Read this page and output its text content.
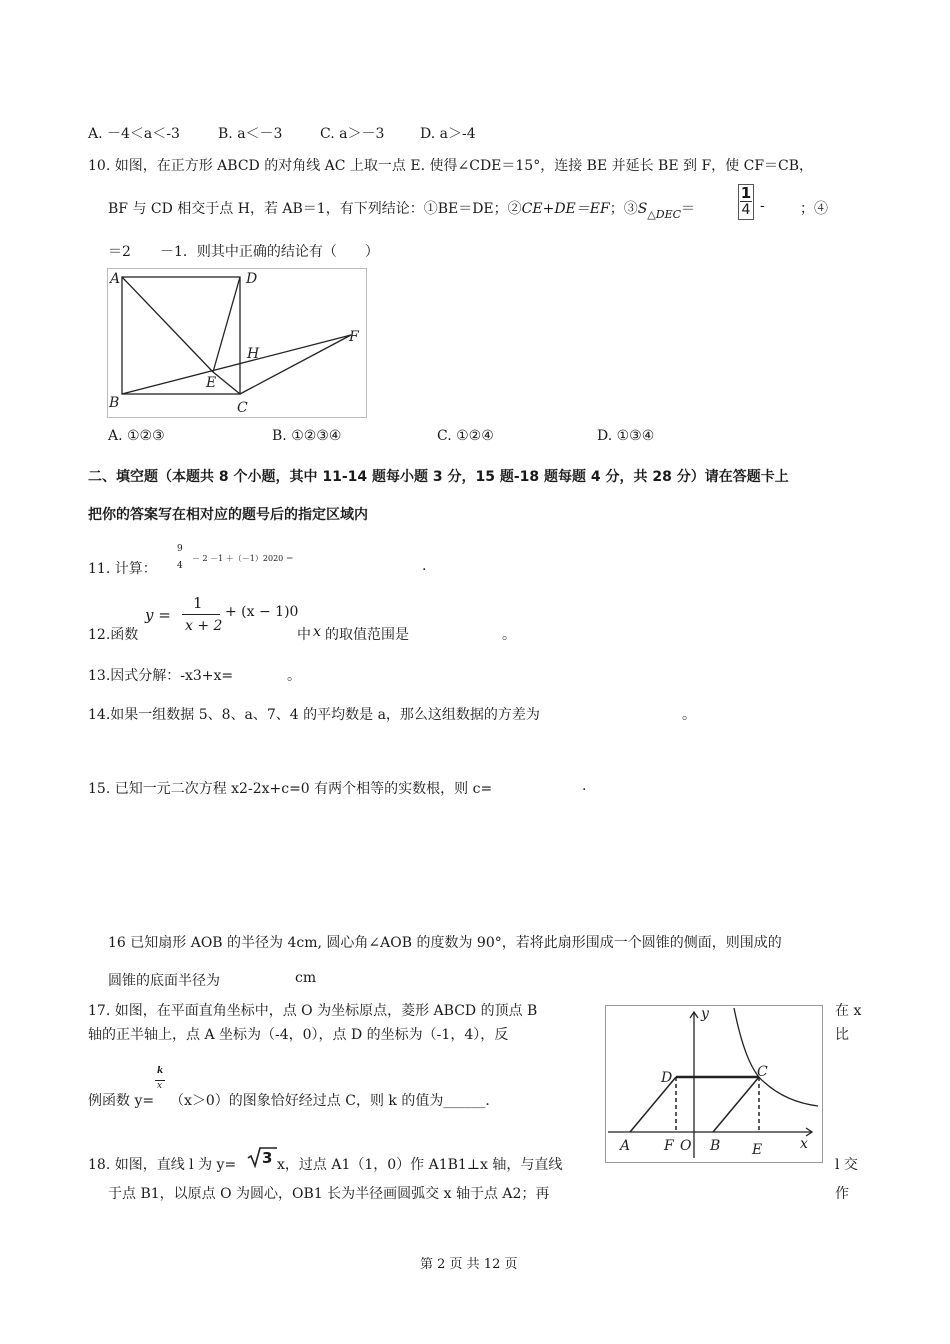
A. －4＜a＜-3	B. a＜－3	C. a＞－3	D. a＞-4
10. 如图，在正方形 ABCD 的对角线 AC 上取一点 E. 使得∠CDE＝15°，连接 BE 并延长 BE 到 F，使 CF＝CB，
BF 与 CD 相交于点 H，若 AB＝1，有下列结论：①BE＝DE；②CE+DE＝EF；$③S_{\triangle DEC}=$
1
4 -	；④
＝2 －1．则其中正确的结论有（　　）
A	D
H
F
E
B	C
A. ①②③	B. ①②③④	C. ①②④	D. ①③④
二、填空题（本题共 8 个小题，其中 11-14 题每小题 3 分，15 题-18 题每题 4 分，共 28 分）请在答题卡上
把你的答案写在相对应的题号后的指定区域内
11. 计算：
9
4
－ 2 －1 ＋（－1）2020 ＝	.
y =
1
x + 2
+ (x − 1)0
12.函数	中 x 的取值范围是	。
13.因式分解：-x3+x=	。
14.如果一组数据 5、8、a、7、4 的平均数是 a，那么这组数据的方差为	。
15. 已知一元二次方程 x2-2x+c=0 有两个相等的实数根，则 c=	.
16 已知扇形 AOB 的半径为 4cm, 圆心角∠AOB 的度数为 90°，若将此扇形围成一个圆锥的侧面，则围成的
圆锥的底面半径为	cm
17. 如图，在平面直角坐标中，点 O 为坐标原点，菱形 ABCD 的顶点 B	在 x
轴的正半轴上，点 A 坐标为（-4，0），点 D 的坐标为（-1，4），反	比
k
x
例函数 y= （x＞0）的图象恰好经过点 C，则 k 的值为______.
y
D	C
A F O B E	x
18. 如图，直线 l 为 y= 3 x，过点 A1（1，0）作 A1B1⊥x 轴，与直线	l 交
于点 B1，以原点 O 为圆心，OB1 长为半径画圆弧交 x 轴于点 A2；再	作
第 2 页 共 12 页
